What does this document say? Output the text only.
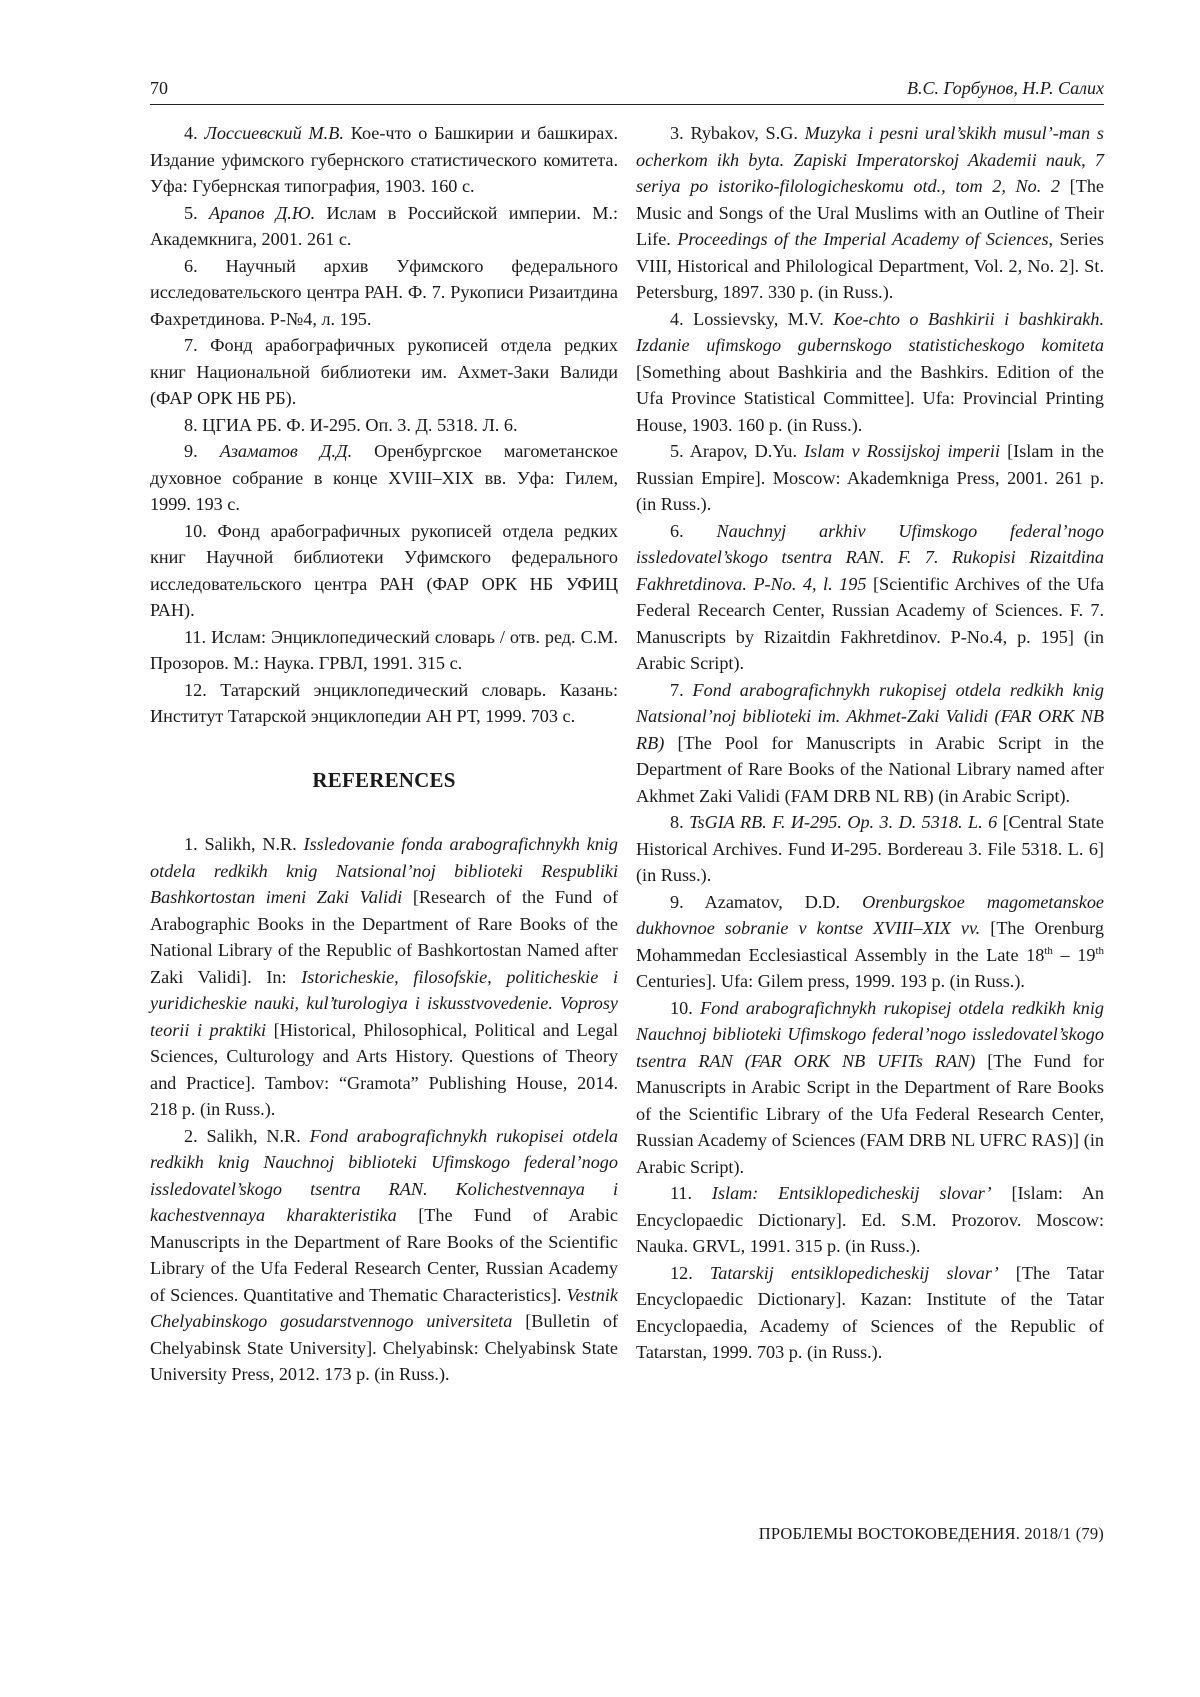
70	В.С. Горбунов, Н.Р. Салих

4. Лоссиевский М.В. Кое-что о Башкирии и башкирах. Издание уфимского губернского статистического комитета. Уфа: Губернская типография, 1903. 160 с.

5. Арапов Д.Ю. Ислам в Российской империи. М.: Академкнига, 2001. 261 с.

6. Научный архив Уфимского федерального исследовательского центра РАН. Ф. 7. Рукописи Ризаитдина Фахретдинова. Р-№4, л. 195.

7. Фонд арабографичных рукописей отдела редких книг Национальной библиотеки им. Ахмет-Заки Валиди (ФАР ОРК НБ РБ).

8. ЦГИА РБ. Ф. И-295. Оп. 3. Д. 5318. Л. 6.

9. Азаматов Д.Д. Оренбургское магометанское духовное собрание в конце XVIII–XIX вв. Уфа: Гилем, 1999. 193 с.

10. Фонд арабографичных рукописей отдела редких книг Научной библиотеки Уфимского федерального исследовательского центра РАН (ФАР ОРК НБ УФИЦ РАН).

11. Ислам: Энциклопедический словарь / отв. ред. С.М. Прозоров. М.: Наука. ГРВЛ, 1991. 315 с.

12. Татарский энциклопедический словарь. Казань: Институт Татарской энциклопедии АН РТ, 1999. 703 с.

REFERENCES

1. Salikh, N.R. Issledovanie fonda arabografichnykh knig otdela redkikh knig Natsional’noj biblioteki Respubliki Bashkortostan imeni Zaki Validi [Research of the Fund of Arabographic Books in the Department of Rare Books of the National Library of the Republic of Bashkortostan Named after Zaki Validi]. In: Istoricheskie, filosofskie, politicheskie i yuridicheskie nauki, kul’turologiya i iskusstvovedenie. Voprosy teorii i praktiki [Historical, Philosophical, Political and Legal Sciences, Culturology and Arts History. Questions of Theory and Practice]. Tambov: “Gramota” Publishing House, 2014. 218 p. (in Russ.).

2. Salikh, N.R. Fond arabografichnykh rukopisei otdela redkikh knig Nauchnoj biblioteki Ufimskogo federal’nogo issledovatel’skogo tsentra RAN. Kolichestvennaya i kachestvennaya kharakteristika [The Fund of Arabic Manuscripts in the Department of Rare Books of the Scientific Library of the Ufa Federal Research Center, Russian Academy of Sciences. Quantitative and Thematic Characteristics]. Vestnik Chelyabinskogo gosudarstvennogo universiteta [Bulletin of Chelyabinsk State University]. Chelyabinsk: Chelyabinsk State University Press, 2012. 173 p. (in Russ.).

3. Rybakov, S.G. Muzyka i pesni ural’skikh musul’-man s ocherkom ikh byta. Zapiski Imperatorskoj Akademii nauk, 7 seriya po istoriko-filologicheskomu otd., tom 2, No. 2 [The Music and Songs of the Ural Muslims with an Outline of Their Life. Proceedings of the Imperial Academy of Sciences, Series VIII, Historical and Philological Department, Vol. 2, No. 2]. St. Petersburg, 1897. 330 p. (in Russ.).

4. Lossievsky, M.V. Koe-chto o Bashkirii i bashkirakh. Izdanie ufimskogo gubernskogo statisticheskogo komiteta [Something about Bashkiria and the Bashkirs. Edition of the Ufa Province Statistical Committee]. Ufa: Provincial Printing House, 1903. 160 p. (in Russ.).

5. Arapov, D.Yu. Islam v Rossijskoj imperii [Islam in the Russian Empire]. Moscow: Akademkniga Press, 2001. 261 p. (in Russ.).

6. Nauchnyj arkhiv Ufimskogo federal’nogo issledovatel’skogo tsentra RAN. F. 7. Rukopisi Rizaitdina Fakhretdinova. P-No. 4, l. 195 [Scientific Archives of the Ufa Federal Recearch Center, Russian Academy of Sciences. F. 7. Manuscripts by Rizaitdin Fakhretdinov. P-No.4, p. 195] (in Arabic Script).

7. Fond arabografichnykh rukopisej otdela redkikh knig Natsional’noj biblioteki im. Akhmet-Zaki Validi (FAR ORK NB RB) [The Pool for Manuscripts in Arabic Script in the Department of Rare Books of the National Library named after Akhmet Zaki Validi (FAM DRB NL RB) (in Arabic Script).

8. TsGIA RB. F. И-295. Op. 3. D. 5318. L. 6 [Central State Historical Archives. Fund И-295. Bordereau 3. File 5318. L. 6] (in Russ.).

9. Azamatov, D.D. Orenburgskoe magometanskoe dukhovnoe sobranie v kontse XVIII–XIX vv. [The Orenburg Mohammedan Ecclesiastical Assembly in the Late 18th – 19th Centuries]. Ufa: Gilem press, 1999. 193 p. (in Russ.).

10. Fond arabografichnykh rukopisej otdela redkikh knig Nauchnoj biblioteki Ufimskogo federal’nogo issledovatel’skogo tsentra RAN (FAR ORK NB UFITs RAN) [The Fund for Manuscripts in Arabic Script in the Department of Rare Books of the Scientific Library of the Ufa Federal Research Center, Russian Academy of Sciences (FAM DRB NL UFRC RAS)] (in Arabic Script).

11. Islam: Entsiklopedicheskij slovar’ [Islam: An Encyclopaedic Dictionary]. Ed. S.M. Prozorov. Moscow: Nauka. GRVL, 1991. 315 p. (in Russ.).

12. Tatarskij entsiklopedicheskij slovar’ [The Tatar Encyclopaedic Dictionary]. Kazan: Institute of the Tatar Encyclopaedia, Academy of Sciences of the Republic of Tatarstan, 1999. 703 p. (in Russ.).

ПРОБЛЕМЫ ВОСТОКОВЕДЕНИЯ. 2018/1 (79)
